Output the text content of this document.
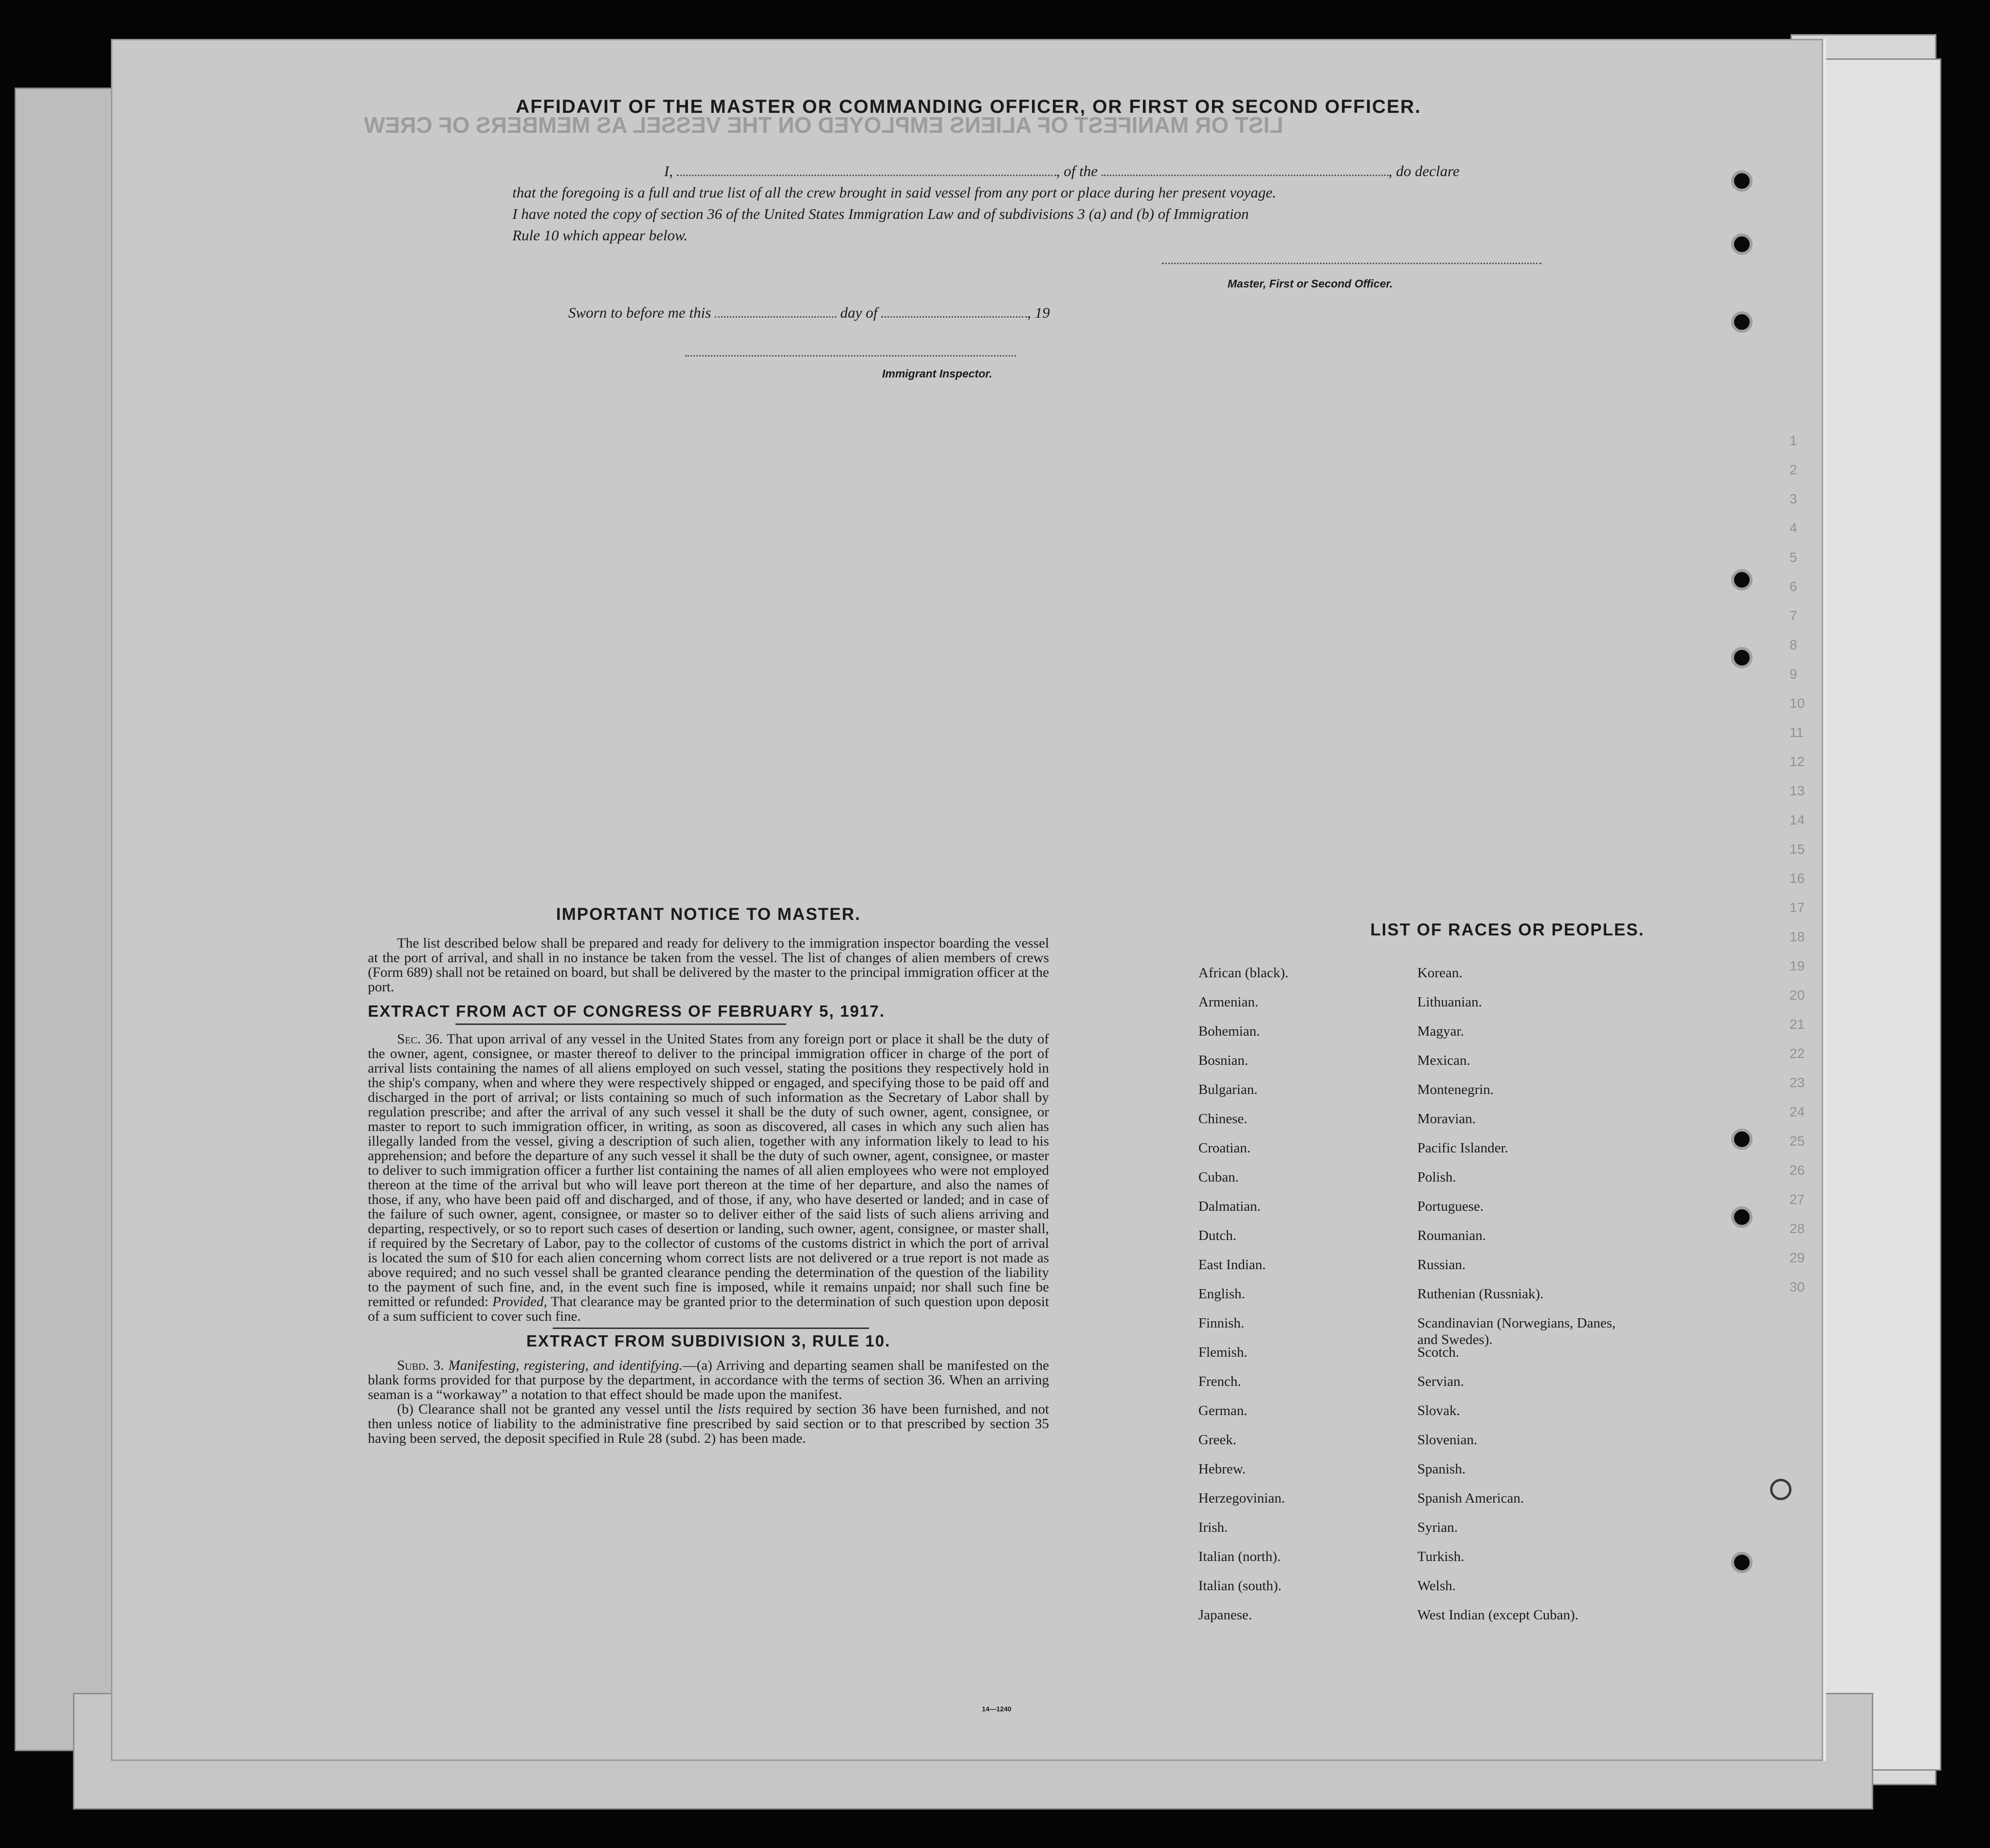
LIST OR MANIFEST OF ALIENS EMPLOYED ON THE VESSEL AS MEMBERS OF CREW
1
2
3
4
5
6
7
8
9
10
11
12
13
14
15
16
17
18
19
20
21
22
23
24
25
26
27
28
29
30
AFFIDAVIT OF THE MASTER OR COMMANDING OFFICER, OR FIRST OR SECOND OFFICER.
I,	, of the	, do declare
that the foregoing is a full and true list of all the crew brought in said vessel from any port or place during her present voyage.
I have noted the copy of section 36 of the United States Immigration Law and of subdivisions 3 (a) and (b) of Immigration
Rule 10 which appear below.
Master, First or Second Officer.
Sworn to before me this	day of	, 19
Immigrant Inspector.
IMPORTANT NOTICE TO MASTER.

The list described below shall be prepared and ready for delivery to the immigration inspector boarding the vessel at the port of arrival, and shall in no instance be taken from the vessel. The list of changes of alien members of crews (Form 689) shall not be retained on board, but shall be delivered by the master to the principal immigration officer at the port.

EXTRACT FROM ACT OF CONGRESS OF FEBRUARY 5, 1917.

Sec. 36. That upon arrival of any vessel in the United States from any foreign port or place it shall be the duty of the owner, agent, consignee, or master thereof to deliver to the principal immigration officer in charge of the port of arrival lists containing the names of all aliens employed on such vessel, stating the positions they respectively hold in the ship's company, when and where they were respectively shipped or engaged, and specifying those to be paid off and discharged in the port of arrival; or lists containing so much of such information as the Secretary of Labor shall by regulation prescribe; and after the arrival of any such vessel it shall be the duty of such owner, agent, consignee, or master to report to such immigration officer, in writing, as soon as discovered, all cases in which any such alien has illegally landed from the vessel, giving a description of such alien, together with any information likely to lead to his apprehension; and before the departure of any such vessel it shall be the duty of such owner, agent, consignee, or master to deliver to such immigration officer a further list containing the names of all alien employees who were not employed thereon at the time of the arrival but who will leave port thereon at the time of her departure, and also the names of those, if any, who have been paid off and discharged, and of those, if any, who have deserted or landed; and in case of the failure of such owner, agent, consignee, or master so to deliver either of the said lists of such aliens arriving and departing, respectively, or so to report such cases of desertion or landing, such owner, agent, consignee, or master shall, if required by the Secretary of Labor, pay to the collector of customs of the customs district in which the port of arrival is located the sum of $10 for each alien concerning whom correct lists are not delivered or a true report is not made as above required; and no such vessel shall be granted clearance pending the determination of the question of the liability to the payment of such fine, and, in the event such fine is imposed, while it remains unpaid; nor shall such fine be remitted or refunded: Provided, That clearance may be granted prior to the determination of such question upon deposit of a sum sufficient to cover such fine.

EXTRACT FROM SUBDIVISION 3, RULE 10.

Subd. 3. Manifesting, registering, and identifying.—(a) Arriving and departing seamen shall be manifested on the blank forms provided for that purpose by the department, in accordance with the terms of section 36. When an arriving seaman is a “workaway” a notation to that effect should be made upon the manifest.

(b) Clearance shall not be granted any vessel until the lists required by section 36 have been furnished, and not then unless notice of liability to the administrative fine prescribed by said section or to that prescribed by section 35 having been served, the deposit specified in Rule 28 (subd. 2) has been made.

14—1240
LIST OF RACES OR PEOPLES.
African (black).
Armenian.
Bohemian.
Bosnian.
Bulgarian.
Chinese.
Croatian.
Cuban.
Dalmatian.
Dutch.
East Indian.
English.
Finnish.
Flemish.
French.
German.
Greek.
Hebrew.
Herzegovinian.
Irish.
Italian (north).
Italian (south).
Japanese.
Korean.
Lithuanian.
Magyar.
Mexican.
Montenegrin.
Moravian.
Pacific Islander.
Polish.
Portuguese.
Roumanian.
Russian.
Ruthenian (Russniak).
Scandinavian (Norwegians, Danes, and Swedes).
Scotch.
Servian.
Slovak.
Slovenian.
Spanish.
Spanish American.
Syrian.
Turkish.
Welsh.
West Indian (except Cuban).
